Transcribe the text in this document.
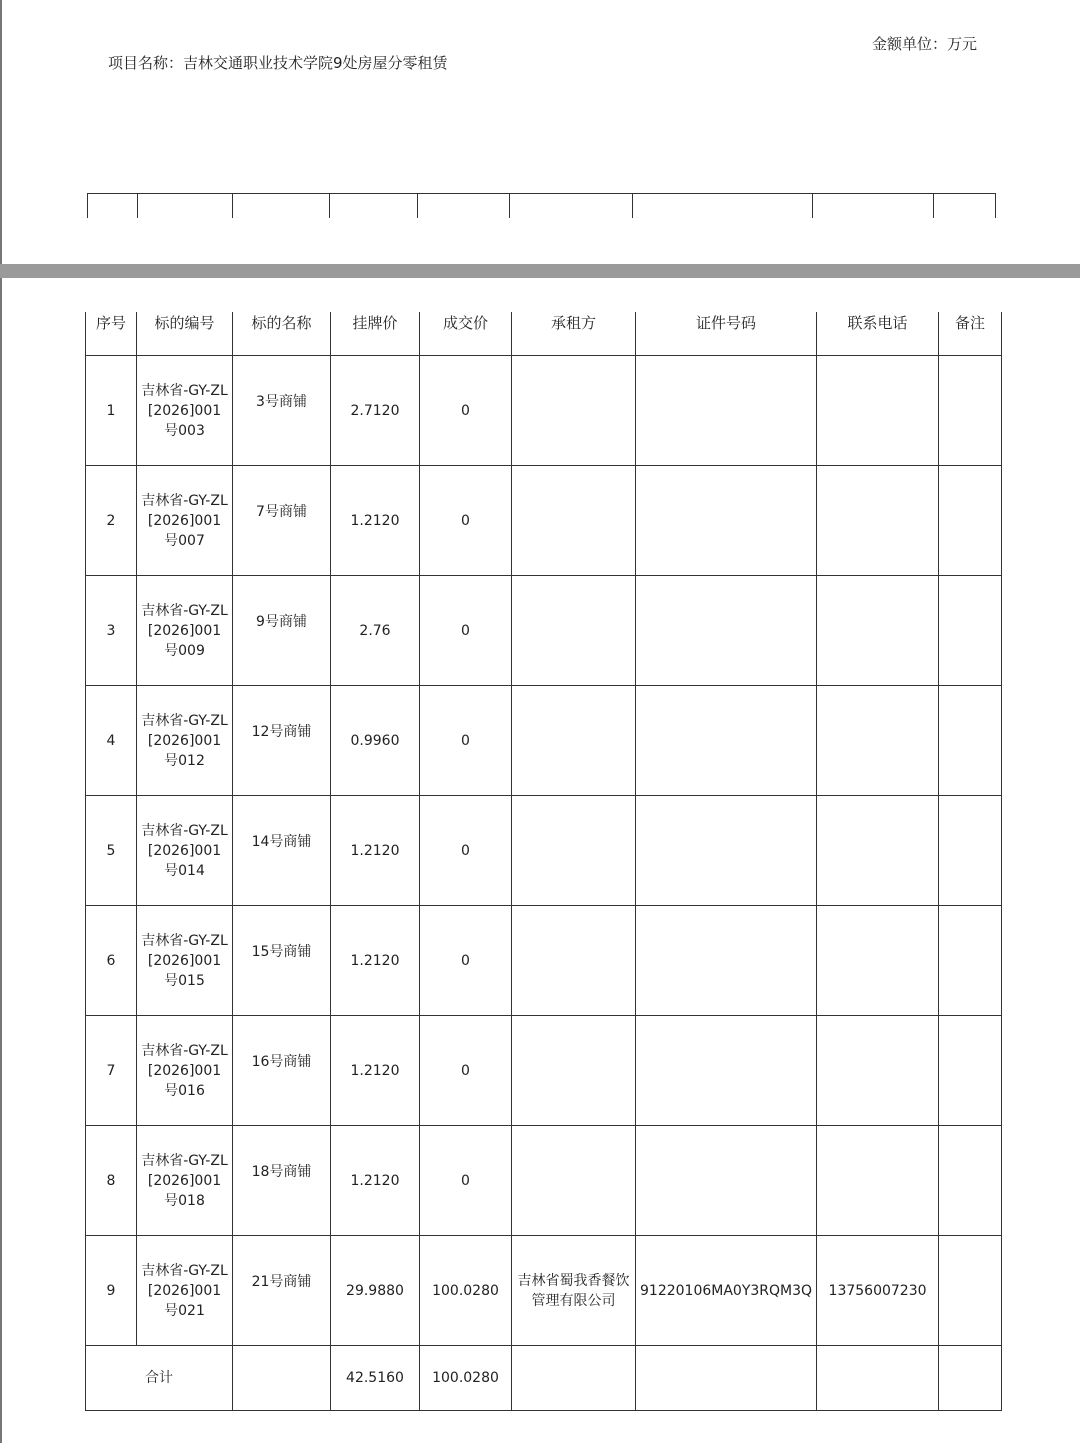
项目名称：吉林交通职业技术学院9处房屋分零租赁
金额单位：万元

序号	标的编号	标的名称	挂牌价	成交价	承租方	证件号码	联系电话	备注
1	吉林省-GY-ZL[2026]001号003	3号商铺	2.7120	0				
2	吉林省-GY-ZL[2026]001号007	7号商铺	1.2120	0				
3	吉林省-GY-ZL[2026]001号009	9号商铺	2.76	0				
4	吉林省-GY-ZL[2026]001号012	12号商铺	0.9960	0				
5	吉林省-GY-ZL[2026]001号014	14号商铺	1.2120	0				
6	吉林省-GY-ZL[2026]001号015	15号商铺	1.2120	0				
7	吉林省-GY-ZL[2026]001号016	16号商铺	1.2120	0				
8	吉林省-GY-ZL[2026]001号018	18号商铺	1.2120	0				
9	吉林省-GY-ZL[2026]001号021	21号商铺	29.9880	100.0280	吉林省蜀我香餐饮管理有限公司	91220106MA0Y3RQM3Q	13756007230	
合计			42.5160	100.0280				
